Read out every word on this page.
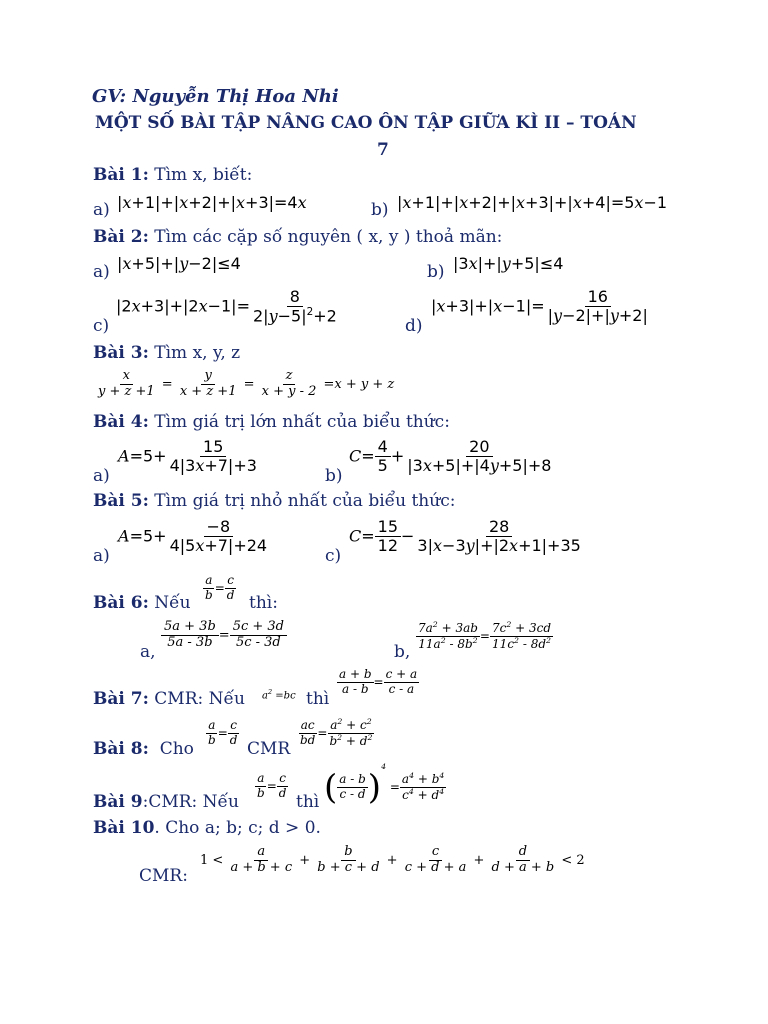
GV: Nguyễn Thị Hoa Nhi
MỘT SỐ BÀI TẬP NÂNG CAO ÔN TẬP GIỮA KÌ II – TOÁN
7
Bài 1: Tìm x, biết:
a) |x+1|+|x+2|+|x+3|=4x	b) |x+1|+|x+2|+|x+3|+|x+4|=5x−1
Bài 2: Tìm các cặp số nguyên ( x, y ) thoả mãn:
a) |x+5|+|y−2|≤4	b) |3x|+|y+5|≤4
c)
$|2x+3|+|2x-1|= \frac{8}{2|y-5|^2+2}$	d)
$|x+3|+|x-1|= \frac{16}{|y-2|+|y+2|}$
Bài 3: Tìm x, y, z
$\frac{x}{y + z +1} = \frac{y}{x + z +1} = \frac{z}{x + y - 2} =x + y + z$
Bài 4: Tìm giá trị lớn nhất của biểu thức:
a)
$A=5+ \frac{15}{4|3x+7|+3}$
b)
$C= \frac{4}{5} + \frac{20}{|3x+5|+|4y+5|+8}$
Bài 5: Tìm giá trị nhỏ nhất của biểu thức:
a)
$A=5+ \frac{-8}{4|5x+7|+24}$
c)
$C= \frac{15}{12} - \frac{28}{3|x-3y|+|2x+1|+35}$
Bài 6: Nếu
$\frac{a}{b} = \frac{c}{d}$
thì:
a,
$\frac{5a + 3b}{5a - 3b} = \frac{5c + 3d}{5c - 3d}$
b,
$\frac{7a^2 + 3ab}{11a^2 - 8b^2} = \frac{7c^2 + 3cd}{11c^2 - 8d^2}$
Bài 7: CMR: Nếu $a^2 =bc$ thì
$\frac{a + b}{a - b} = \frac{c + a}{c - a}$
Bài 8: Cho
$\frac{a}{b} = \frac{c}{d}$
CMR
$\frac{ac}{bd} = \frac{a^2 + c^2}{b^2 + d^2}$
Bài 9:CMR: Nếu
$\frac{a}{b} = \frac{c}{d}$
thì ( $\frac{a - b}{c - d} )^4 = \frac{a^4 + b^4}{c^4 + d^4}$
Bài 10. Cho a; b; c; d > 0.
CMR:
$1 < \frac{a}{a + b + c} + \frac{b}{b + c + d} + \frac{c}{c + d + a} + \frac{d}{d + a + b} < 2$
